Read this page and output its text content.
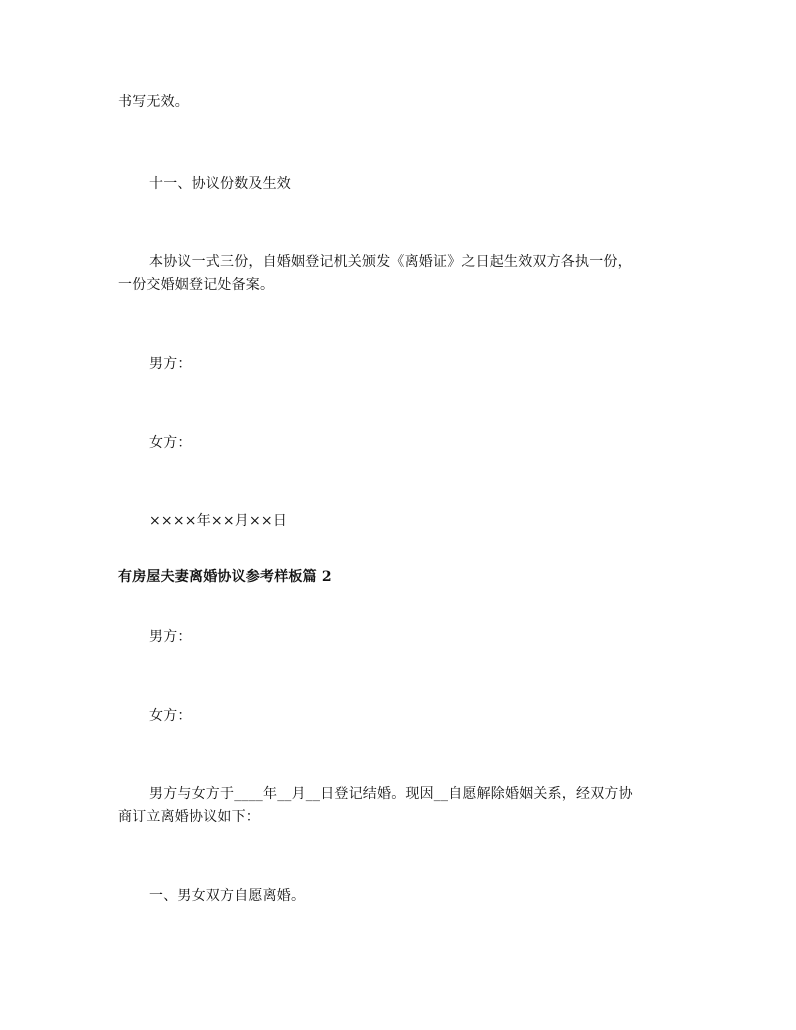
书写无效。
十一、协议份数及生效
本协议一式三份，自婚姻登记机关颁发《离婚证》之日起生效双方各执一份，
一份交婚姻登记处备案。
男方：
女方：
××××年××月××日
有房屋夫妻离婚协议参考样板篇 2
男方：
女方：
男方与女方于____年__月__日登记结婚。现因__自愿解除婚姻关系，经双方协
商订立离婚协议如下：
一、男女双方自愿离婚。
